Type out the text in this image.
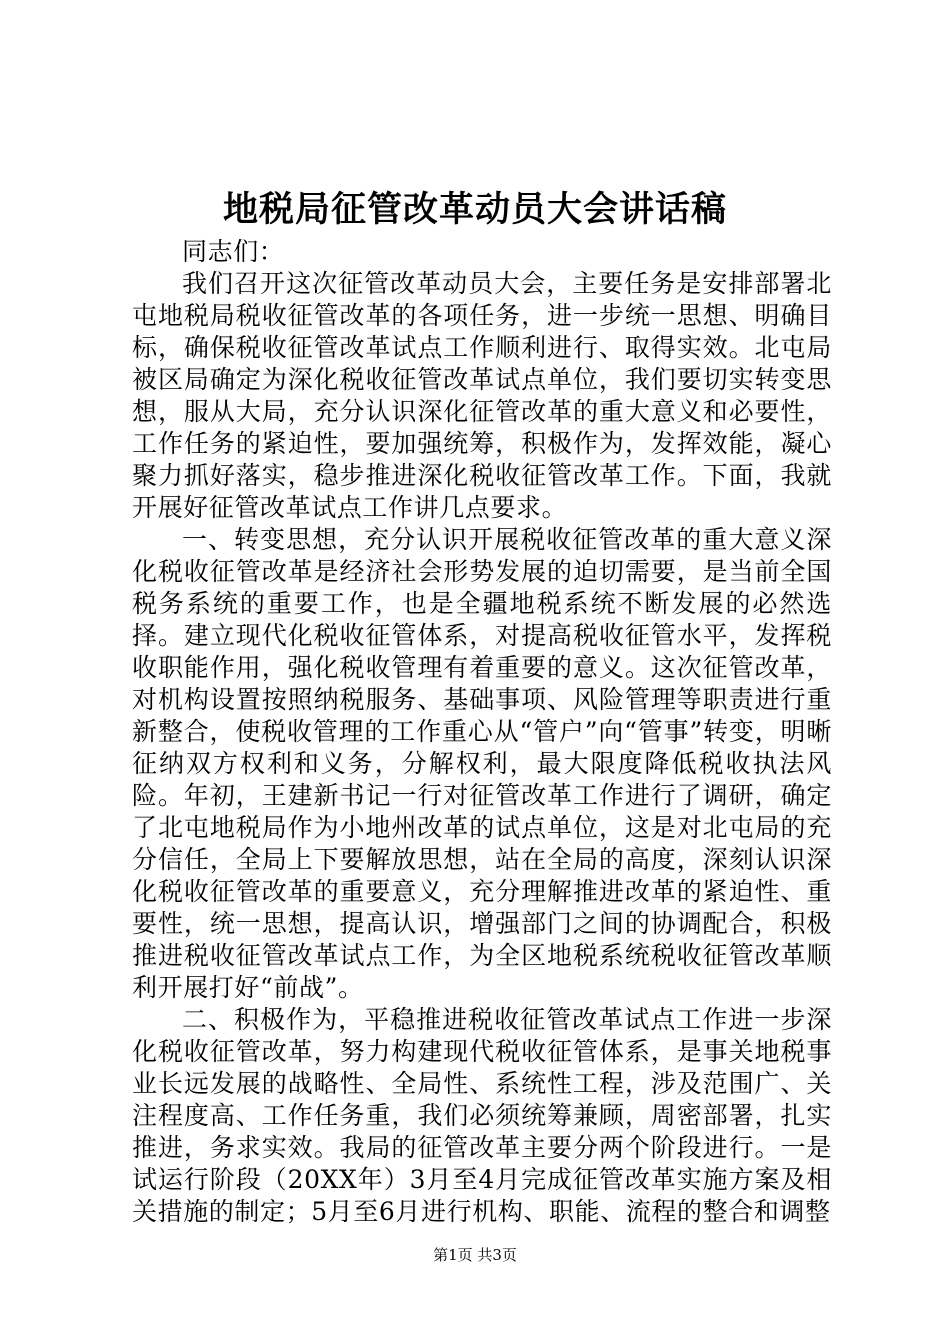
地税局征管改革动员大会讲话稿

同志们：

我们召开这次征管改革动员大会，主要任务是安排部署北屯地税局税收征管改革的各项任务，进一步统一思想、明确目标，确保税收征管改革试点工作顺利进行、取得实效。北屯局被区局确定为深化税收征管改革试点单位，我们要切实转变思想，服从大局，充分认识深化征管改革的重大意义和必要性，工作任务的紧迫性，要加强统筹，积极作为，发挥效能，凝心聚力抓好落实，稳步推进深化税收征管改革工作。下面，我就开展好征管改革试点工作讲几点要求。

一、转变思想，充分认识开展税收征管改革的重大意义深化税收征管改革是经济社会形势发展的迫切需要，是当前全国税务系统的重要工作，也是全疆地税系统不断发展的必然选择。建立现代化税收征管体系，对提高税收征管水平，发挥税收职能作用，强化税收管理有着重要的意义。这次征管改革，对机构设置按照纳税服务、基础事项、风险管理等职责进行重新整合，使税收管理的工作重心从“管户”向“管事”转变，明晰征纳双方权利和义务，分解权利，最大限度降低税收执法风险。年初，王建新书记一行对征管改革工作进行了调研，确定了北屯地税局作为小地州改革的试点单位，这是对北屯局的充分信任，全局上下要解放思想，站在全局的高度，深刻认识深化税收征管改革的重要意义，充分理解推进改革的紧迫性、重要性，统一思想，提高认识，增强部门之间的协调配合，积极推进税收征管改革试点工作，为全区地税系统税收征管改革顺利开展打好“前战”。

二、积极作为，平稳推进税收征管改革试点工作进一步深化税收征管改革，努力构建现代税收征管体系，是事关地税事业长远发展的战略性、全局性、系统性工程，涉及范围广、关注程度高、工作任务重，我们必须统筹兼顾，周密部署，扎实推进，务求实效。我局的征管改革主要分两个阶段进行。一是试运行阶段（20XX年）3月至4月完成征管改革实施方案及相关措施的制定；5月至6月进行机构、职能、流程的整合和调整

第1页 共3页
